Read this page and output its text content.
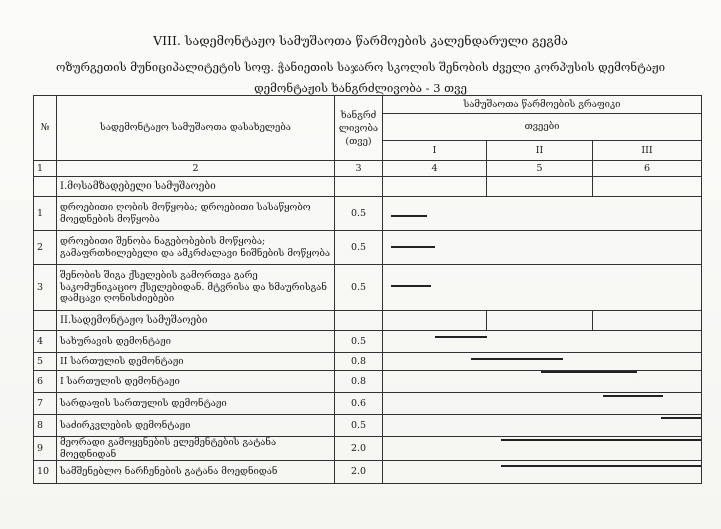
VIII. სადემონტაჟო სამუშაოთა წარმოების კალენდარული გეგმა
ოზურგეთის მუნიციპალიტეტის სოფ. ჭანიეთის საჯარო სკოლის შენობის ძველი კორპუსის დემონტაჟი
დემონტაჟის ხანგრძლივობა - 3 თვე
№	სადემონტაჟო სამუშაოთა დასახელება	ხანგრძ ლივობა (თვე)	სამუშაოთა წარმოების გრაფიკი		
			თვეები		
			I	II	III
1	2	3	4	5	6
	I.მოსამზადებელი სამუშაოები				
1	დროებითი ღობის მოწყობა; დროებითი სასაწყობო მოედნების მოწყობა	0.5			

2	დროებითი შენობა ნაგებობების მოწყობა; გამაფრთხილებელი და ამკრძალავი ნიშნების მოწყობა	0.5			

3	შენობის შიგა ქსელების გამორთვა გარე საკომუნიკაციო ქსელებიდან. მტვრისა და ხმაურისგან დამცავი ღონისძიებები	0.5			

	II.სადემონტაჟო სამუშაოები				
4	სახურავის დემონტაჟი	0.5			

5	II სართულის დემონტაჟი	0.8			

6	I სართულის დემონტაჟი	0.8			

7	სარდაფის სართულის დემონტაჟი	0.6			

8	საძირკვლების დემონტაჟი	0.5			

9	მეორადი გამოყენების ელემენტების გატანა მოედნიდან	2.0			

10	სამშენებლო ნარჩენების გატანა მოედნიდან	2.0			
